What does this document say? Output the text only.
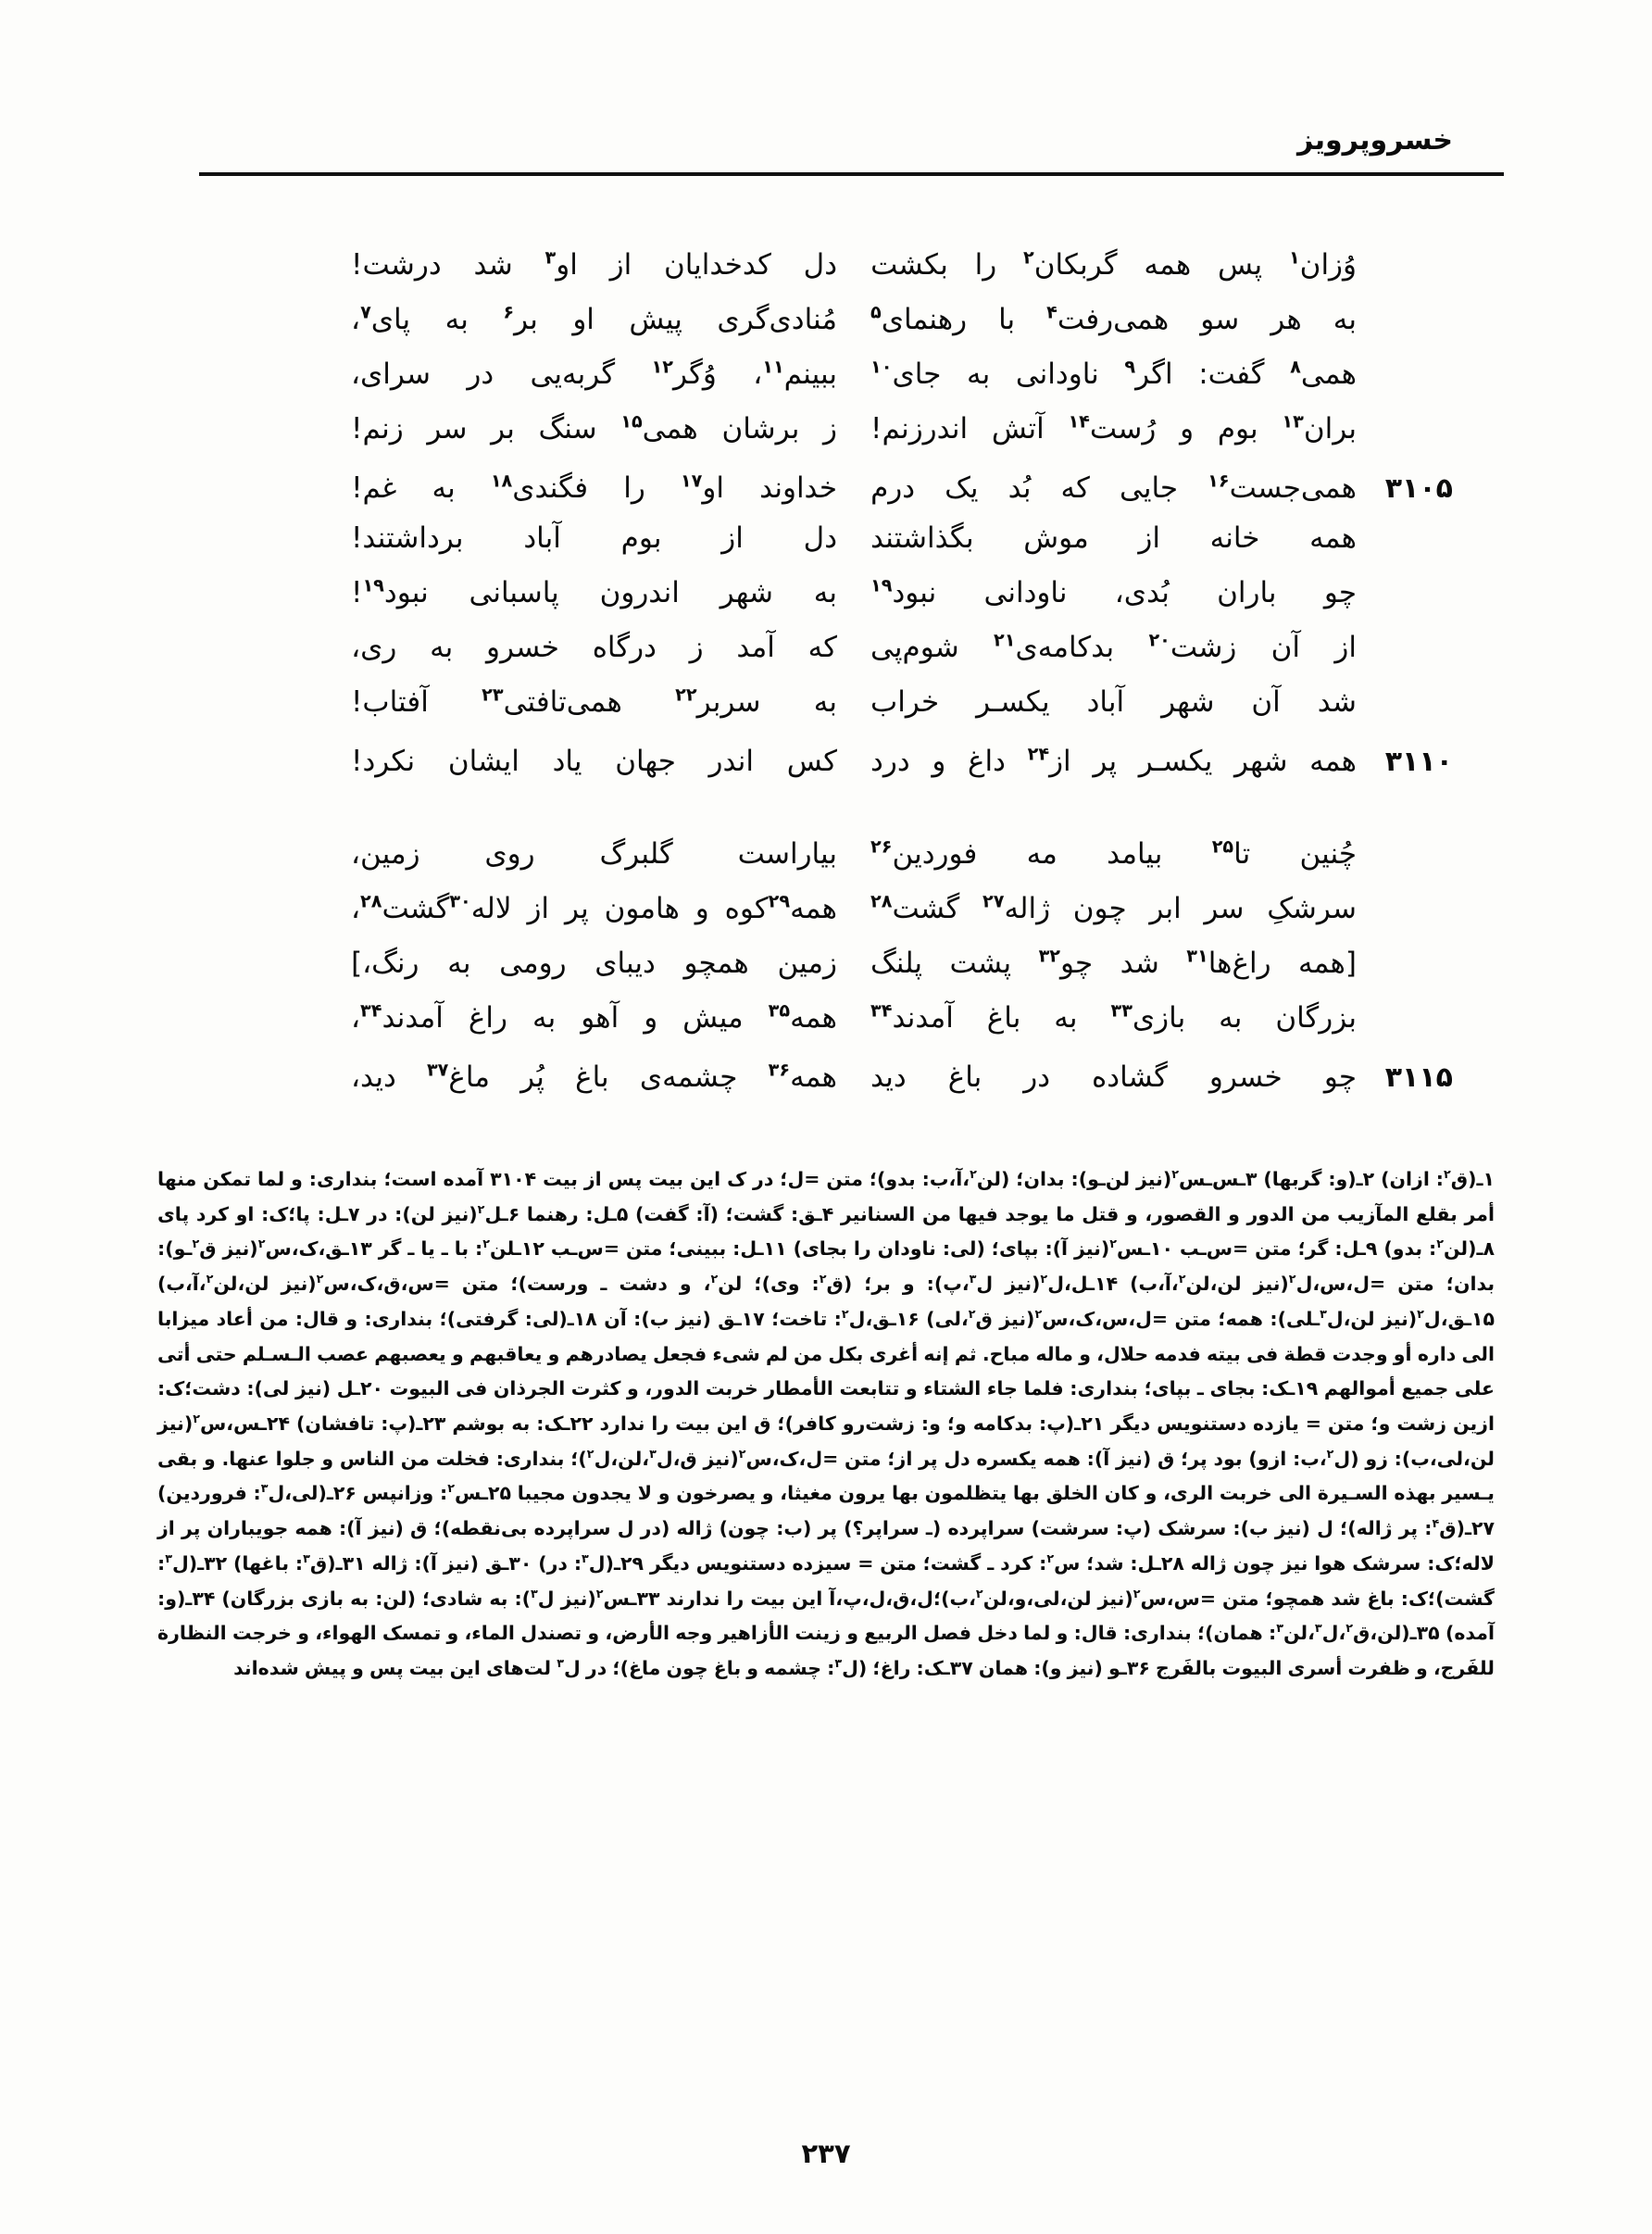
خسروپرویز
وُزان$^۱$
پس
همه
گربکان$^۲$
را
بکشت
دل
کدخدایان
از
او$^۳$
شد
درشت!
به
هر
سو
همی‌رفت$^۴$
با
رهنمای$^۵$
مُنادی‌گری
پیش
او
بر$^۶$
به
پای$^۷$،
همی$^۸$
گفت:
اگر$^۹$
ناودانی
به
جای$^{۱۰}$
ببینم$^{۱۱}$،
وُگر$^{۱۲}$
گربه‌یی
در
سرای،
بران$^{۱۳}$
بوم
و
رُست$^{۱۴}$
آتش
اندرزنم!
ز
برشان
همی$^{۱۵}$
سنگ
بر
سر
زنم!
۳۱۰۵
همی‌جست$^{۱۶}$
جایی
که
بُد
یک
درم
خداوند
او$^{۱۷}$
را
فگندی$^{۱۸}$
به
غم!
همه
خانه
از
موش
بگذاشتند
دل
از
بوم
آباد
برداشتند!
چو
باران
بُدی،
ناودانی
نبود$^{۱۹}$
به
شهر
اندرون
پاسبانی
نبود$^{۱۹}$!
از
آن
زشت$^{۲۰}$
بدکامه‌ی$^{۲۱}$
شوم‌پی
که
آمد
ز
درگاه
خسرو
به
ری،
شد
آن
شهر
آباد
یکسـر
خراب
به
سربر$^{۲۲}$
همی‌تافتی$^{۲۳}$
آفتاب!
۳۱۱۰
همه
شهر
یکسـر
پر
از$^{۲۴}$
داغ
و
درد
کس
اندر
جهان
یاد
ایشان
نکرد!
چُنین
تا$^{۲۵}$
بیامد
مه
فوردین$^{۲۶}$
بیاراست
گلبرگ
روی
زمین،
سرشکِ
سر
ابر
چون
ژاله$^{۲۷}$
گشت$^{۲۸}$
همه$^{۲۹}$کوه
و
هامون
پر
از
لاله$^{۳۰}$گشت$^{۲۸}$،
[همه
راغ‌ها$^{۳۱}$
شد
چو$^{۳۲}$
پشت
پلنگ
زمین
همچو
دیبای
رومی
به
رنگ،]
بزرگان
به
بازی$^{۳۳}$
به
باغ
آمدند$^{۳۴}$
همه$^{۳۵}$
میش
و
آهو
به
راغ
آمدند$^{۳۴}$،
۳۱۱۵
چو
خسرو
گشاده
در
باغ
دید
همه$^{۳۶}$
چشمه‌ی
باغ
پُر
ماغ$^{۳۷}$
دید،

۱ـ(ق$^۲$: ازان) ۲ـ(و: گربها) ۳ـس‌ـس$^۲$(نیز لن‌ـو): بدان؛ (لن$^۲$،آ،ب: بدو)؛ متن =ل؛ در ک این بیت پس از بیت ۳۱۰۴ آمده است؛ بنداری: و لما تمکن منها أمر بقلع المآزیب من الدور و القصور، و قتل ما یوجد فیها من السنانیر ۴ـق: گشت؛ (آ: گفت) ۵ـل: رهنما ۶ـل$^۲$(نیز لن): در ۷ـل: پا؛ک: او کرد پای ۸ـ(لن$^۲$: بدو) ۹ـل: گر؛ متن =س‌ـب ۱۰ـس$^۲$(نیز آ): بپای؛ (لی: ناودان را بجای) ۱۱ـل: ببینی؛ متن =س‌ـب ۱۲ـلن$^۲$: با ـ یا ـ گر ۱۳ـق،ک،س$^۲$(نیز ق$^۲$ـو): بدان؛ متن =ل،س،ل$^۲$(نیز لن،لن$^۲$،آ،ب) ۱۴ـل،ل$^۲$(نیز ل$^۳$،پ): و بر؛ (ق$^۲$: وی)؛ لن$^۲$، و دشت ـ ورست)؛ متن =س،ق،ک،س$^۲$(نیز لن،لن$^۲$،آ،ب) ۱۵ـق،ل$^۲$(نیز لن،ل$^۳$ـلی): همه؛ متن =ل،س،ک،س$^۲$(نیز ق$^۲$،لی) ۱۶ـق،ل$^۲$: تاخت؛ ۱۷ـق (نیز ب): آن ۱۸ـ(لی: گرفتی)؛ بنداری: و قال: من أعاد میزابا الی داره أو وجدت قطة فی بیته فدمه حلال، و ماله مباح. ثم إنه أغری بکل من لم شیء فجعل یصادرهم و یعاقبهم و یعصبهم عصب الـسـلم حتی أتی علی جمیع أموالهم ۱۹ـک: بجای ـ بپای؛ بنداری: فلما جاء الشتاء و تتابعت الأمطار خربت الدور، و کثرت الجرذان فی البیوت ۲۰ـل (نیز لی): دشت؛ک: ازین زشت و؛ متن = یازده دستنویس دیگر ۲۱ـ(پ: بدکامه و؛ و: زشت‌رو کافر)؛ ق این بیت را ندارد ۲۲ـک: به بوشم ۲۳ـ(پ: تافشان) ۲۴ـس،س$^۲$(نیز لن،لی،ب): زو (ل$^۲$،ب: ازو) بود پر؛ ق (نیز آ): همه یکسره دل پر از؛ متن =ل،ک،س$^۲$(نیز ق،ل$^۳$،لن،ل$^۲$)؛ بنداری: فخلت من الناس و جلوا عنها. و بقی یـسیر بهذه السـیرة الی خربت الری، و کان الخلق بها یتظلمون بها یرون مغیثا، و یصرخون و لا یجدون مجیبا ۲۵ـس$^۲$: وزانپس ۲۶ـ(لی،ل$^۳$: فروردین) ۲۷ـ(ق$^۴$: پر ژاله)؛ ل (نیز ب): سرشک (پ: سرشت) سراپرده (ـ سراپر؟) پر (ب: چون) ژاله (در ل سراپرده بی‌نقطه)؛ ق (نیز آ): همه جویباران پر از لاله؛ک: سرشک هوا نیز چون ژاله ۲۸ـل: شد؛ س$^۲$: کرد ـ گشت؛ متن = سیزده دستنویس دیگر ۲۹ـ(ل$^۳$: در) ۳۰ـق (نیز آ): ژاله ۳۱ـ(ق$^۳$: باغها) ۳۲ـ(ل$^۳$: گشت)؛ک: باغ شد همچو؛ متن =س،س$^۲$(نیز لن،لی،و،لن$^۲$،ب)؛ل،ق،ل،پ،آ این بیت را ندارند ۳۳ـس$^۲$(نیز ل$^۳$): به شادی؛ (لن: به بازی بزرگان) ۳۴ـ(و: آمده) ۳۵ـ(لن،ق$^۲$،ل$^۳$،لن$^۳$: همان)؛ بنداری: قال: و لما دخل فصل الربیع و زینت الأزاهیر وجه الأرض، و تصندل الماء، و تمسک الهواء، و خرجت النظارة للفَرج، و ظفرت أسری البیوت بالفَرج ۳۶ـو (نیز و): همان ۳۷ـک: راغ؛ (ل$^۳$: چشمه و باغ چون ماغ)؛ در ل$^۳$ لت‌های این بیت پس و پیش شده‌اند

۲۳۷
